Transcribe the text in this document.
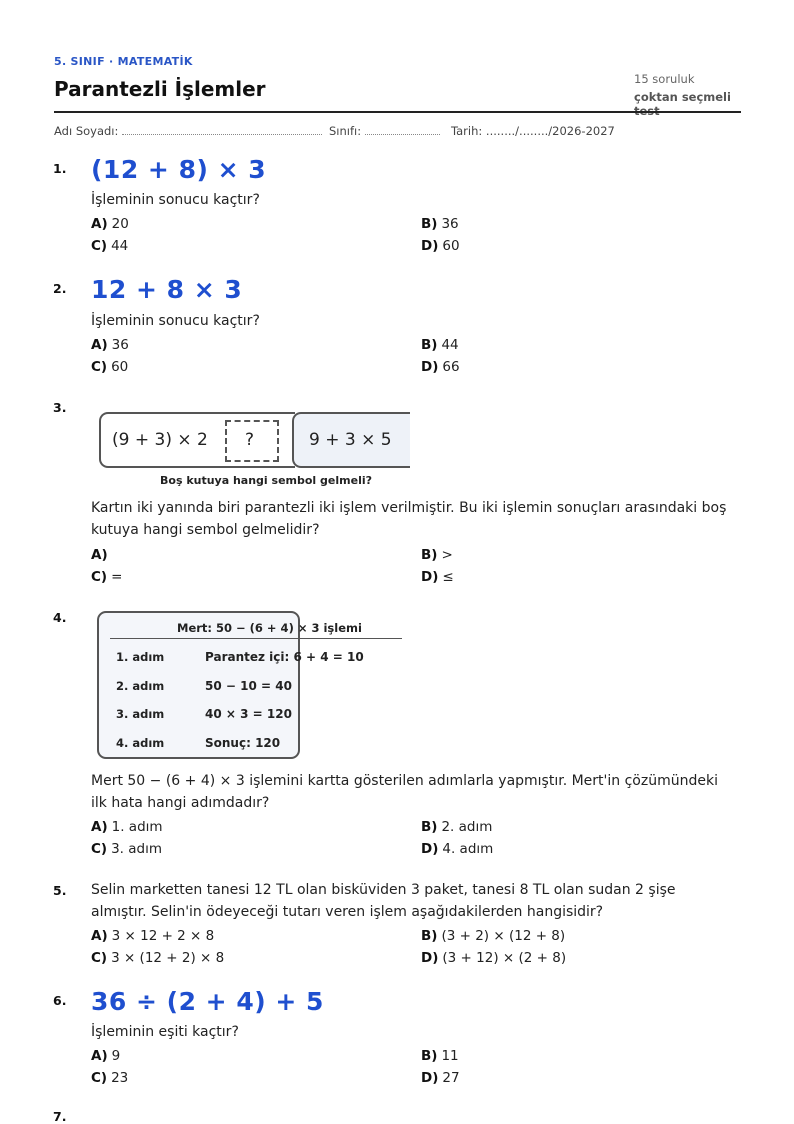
5. SINIF · MATEMATİK
Parantezli İşlemler	15 soruluk
çoktan seçmeli
Adı Soyadı:	Sınıfı:	Tarih: ......../......../2026-2027
1. (12 + 8) × 3
İşleminin sonucu kaçtır?
A) 20	B) 36
C) 44	D) 60
2. 12 + 8 × 3
İşleminin sonucu kaçtır?
A) 36	B) 44
C) 60	D) 66
3.
(9 + 3) × 2 ?	9 + 3 × 5
Boş kutuya hangi sembol gelmeli?
Kartın iki yanında biri parantezli iki işlem verilmiştir. Bu iki işlemin sonuçları arasındaki boş kutuya hangi sembol gelmelidir?
A)	B) >
C) =	D) ≤
4.
Mert: 50 − (6 + 4) × 3 işlemi
1. adım	Parantez içi: 6 + 4 = 10
2. adım	50 − 10 = 40
3. adım	40 × 3 = 120
4. adım	Sonuç: 120
Mert 50 − (6 + 4) × 3 işlemini kartta gösterilen adımlarla yapmıştır. Mert'in çözümündeki ilk hata hangi adımdadır?
A) 1. adım	B) 2. adım
C) 3. adım	D) 4. adım
5. Selin marketten tanesi 12 TL olan bisküviden 3 paket, tanesi 8 TL olan sudan 2 şişe almıştır. Selin'in ödeyeceği tutarı veren işlem aşağıdakilerden hangisidir?
A) 3 × 12 + 2 × 8	B) (3 + 2) × (12 + 8)
C) 3 × (12 + 2) × 8	D) (3 + 12) × (2 + 8)
6. 36 ÷ (2 + 4) + 5
İşleminin eşiti kaçtır?
A) 9	B) 11
C) 23	D) 27
7.
